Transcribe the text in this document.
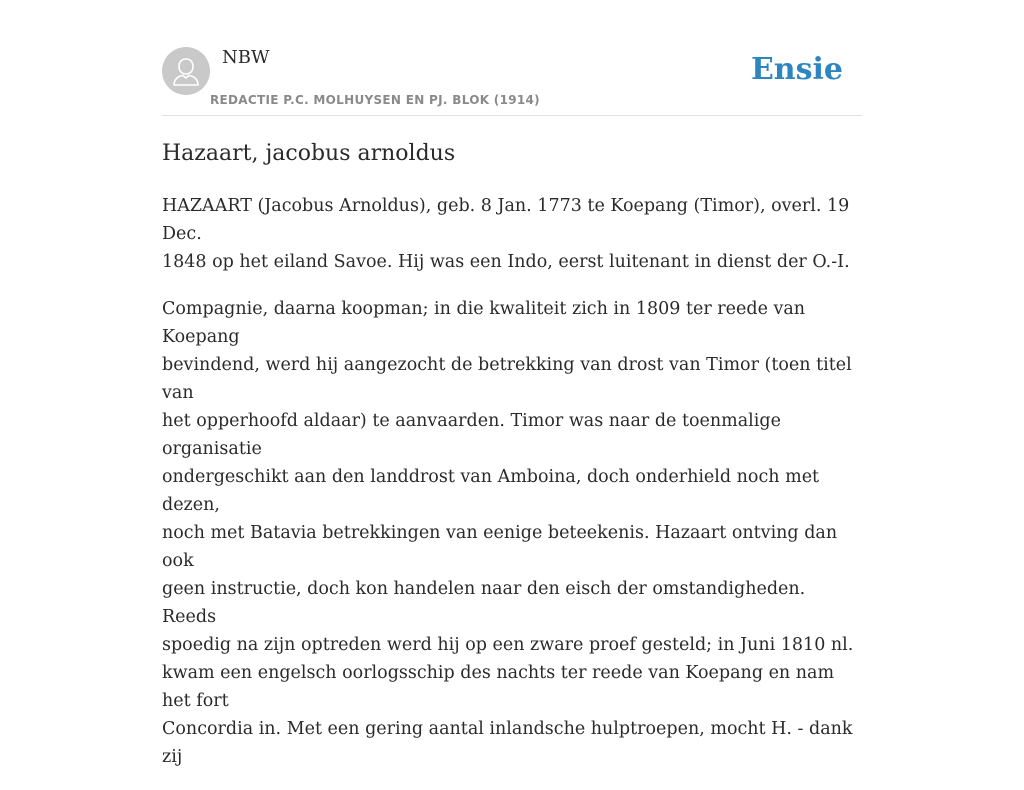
NBW
REDACTIE P.C. MOLHUYSEN EN PJ. BLOK (1914)
Ensie
Hazaart, jacobus arnoldus

HAZAART (Jacobus Arnoldus), geb. 8 Jan. 1773 te Koepang (Timor), overl. 19 Dec.
1848 op het eiland Savoe. Hij was een Indo, eerst luitenant in dienst der O.-I.

Compagnie, daarna koopman; in die kwaliteit zich in 1809 ter reede van Koepang
bevindend, werd hij aangezocht de betrekking van drost van Timor (toen titel van
het opperhoofd aldaar) te aanvaarden. Timor was naar de toenmalige organisatie
ondergeschikt aan den landdrost van Amboina, doch onderhield noch met dezen,
noch met Batavia betrekkingen van eenige beteekenis. Hazaart ontving dan ook
geen instructie, doch kon handelen naar den eisch der omstandigheden. Reeds
spoedig na zijn optreden werd hij op een zware proef gesteld; in Juni 1810 nl.
kwam een engelsch oorlogsschip des nachts ter reede van Koepang en nam het fort
Concordia in. Met een gering aantal inlandsche hulptroepen, mocht H. - dank zij
